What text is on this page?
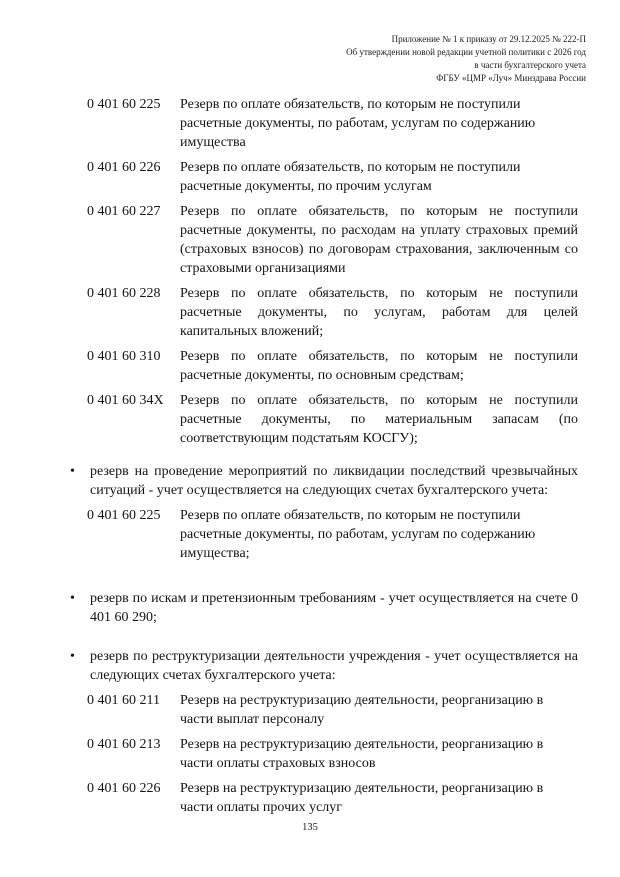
Приложение № 1 к приказу от 29.12.2025 № 222-П
Об утверждении новой редакции учетной политики с 2026 год
в части бухгалтерского учета
ФГБУ «ЦМР «Луч» Минздрава России
0 401 60 225	Резерв по оплате обязательств, по которым не поступили расчетные документы, по работам, услугам по содержанию имущества
0 401 60 226	Резерв по оплате обязательств, по которым не поступили расчетные документы, по прочим услугам
0 401 60 227	Резерв по оплате обязательств, по которым не поступили расчетные документы, по расходам на уплату страховых премий (страховых взносов) по договорам страхования, заключенным со страховыми организациями
0 401 60 228	Резерв по оплате обязательств, по которым не поступили расчетные документы, по услугам, работам для целей капитальных вложений;
0 401 60 310	Резерв по оплате обязательств, по которым не поступили расчетные документы, по основным средствам;
0 401 60 34X	Резерв по оплате обязательств, по которым не поступили расчетные документы, по материальным запасам (по соответствующим подстатьям КОСГУ);
•	резерв на проведение мероприятий по ликвидации последствий чрезвычайных ситуаций - учет осуществляется на следующих счетах бухгалтерского учета:
0 401 60 225	Резерв по оплате обязательств, по которым не поступили расчетные документы, по работам, услугам по содержанию имущества;
•	резерв по искам и претензионным требованиям - учет осуществляется на счете 0 401 60 290;
•	резерв по реструктуризации деятельности учреждения - учет осуществляется на следующих счетах бухгалтерского учета:
0 401 60 211	Резерв на реструктуризацию деятельности, реорганизацию в части выплат персоналу
0 401 60 213	Резерв на реструктуризацию деятельности, реорганизацию в части оплаты страховых взносов
0 401 60 226	Резерв на реструктуризацию деятельности, реорганизацию в части оплаты прочих услуг
135
